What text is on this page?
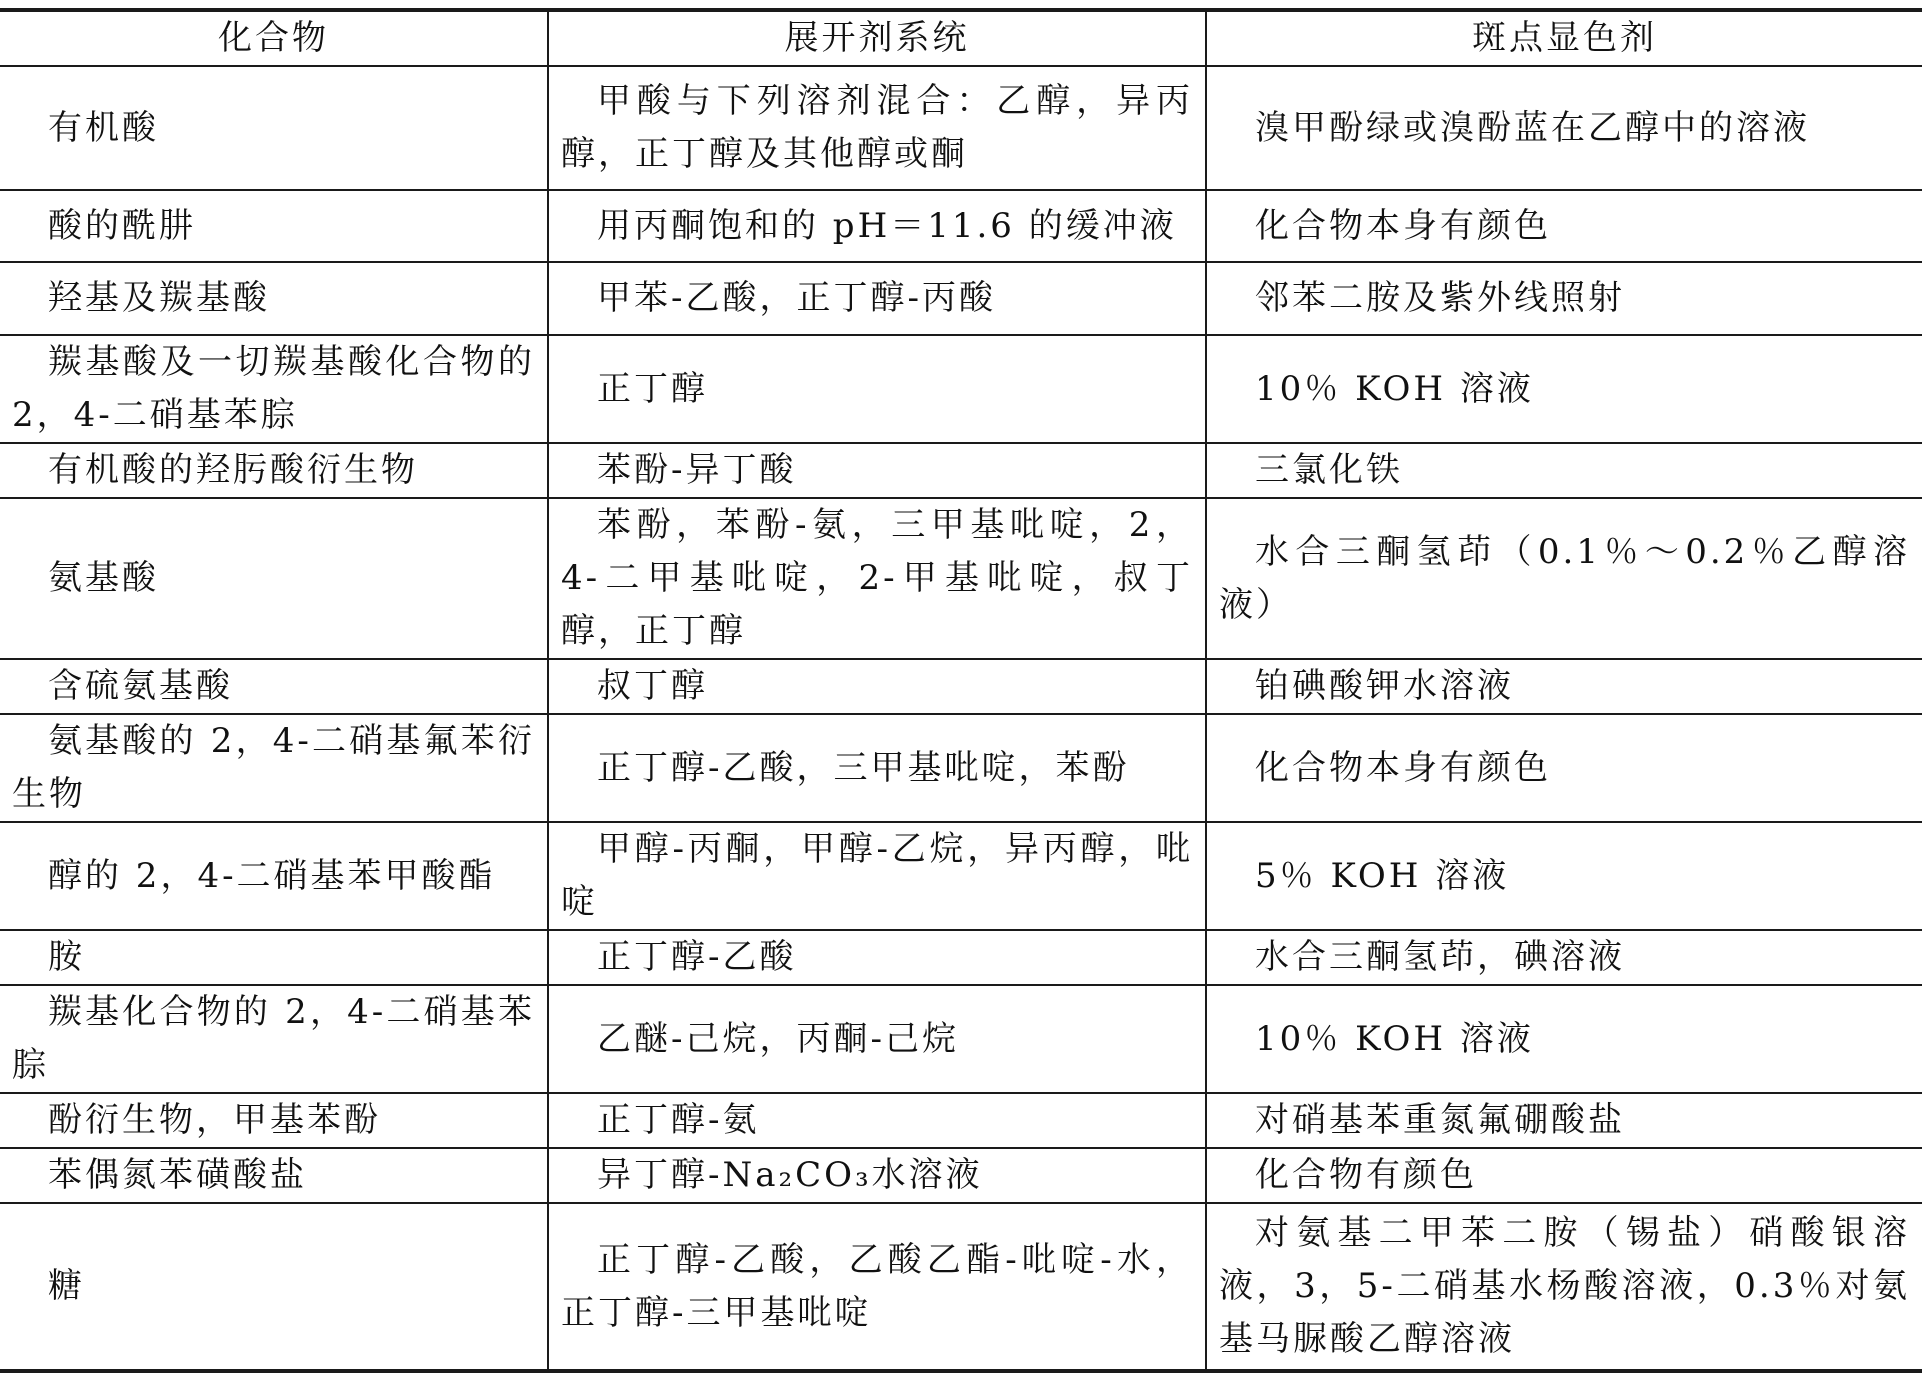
化合物	展开剂系统	斑点显色剂

有机酸	甲酸与下列溶剂混合：乙醇，异丙醇，正丁醇及其他醇或酮	溴甲酚绿或溴酚蓝在乙醇中的溶液

酸的酰肼	用丙酮饱和的 pH＝11.6 的缓冲液	化合物本身有颜色

羟基及羰基酸	甲苯-乙酸，正丁醇-丙酸	邻苯二胺及紫外线照射

羰基酸及一切羰基酸化合物的2，4-二硝基苯腙	正丁醇	10％ KOH 溶液

有机酸的羟肟酸衍生物	苯酚-异丁酸	三氯化铁

氨基酸	苯酚，苯酚-氨，三甲基吡啶，2，4-二甲基吡啶，2-甲基吡啶，叔丁醇，正丁醇	水合三酮氢茚（0.1％～0.2％乙醇溶液）

含硫氨基酸	叔丁醇	铂碘酸钾水溶液

氨基酸的 2，4-二硝基氟苯衍生物	正丁醇-乙酸，三甲基吡啶，苯酚	化合物本身有颜色

醇的 2，4-二硝基苯甲酸酯	甲醇-丙酮，甲醇-乙烷，异丙醇，吡啶	5％ KOH 溶液

胺	正丁醇-乙酸	水合三酮氢茚，碘溶液

羰基化合物的 2，4-二硝基苯腙	乙醚-己烷，丙酮-己烷	10％ KOH 溶液

酚衍生物，甲基苯酚	正丁醇-氨	对硝基苯重氮氟硼酸盐

苯偶氮苯磺酸盐	异丁醇-Na₂CO₃水溶液	化合物有颜色

糖	正丁醇-乙酸，乙酸乙酯-吡啶-水，正丁醇-三甲基吡啶	对氨基二甲苯二胺（锡盐）硝酸银溶液，3，5-二硝基水杨酸溶液，0.3％对氨基马脲酸乙醇溶液
